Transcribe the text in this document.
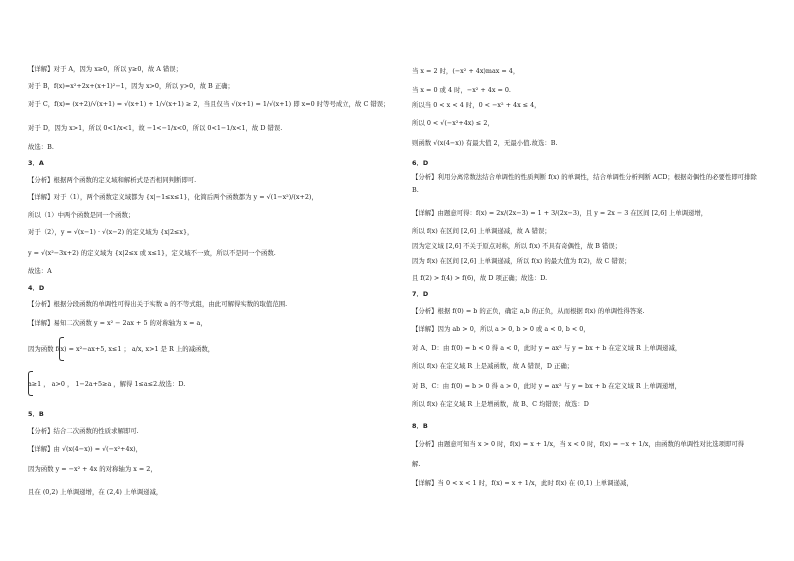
【详解】对于 A，因为 x≥0，所以 y≥0，故 A 错误；
对于 B，f(x)=x²+2x+(x+1)²−1，因为 x>0，所以 y>0，故 B 正确；
对于 C，f(x)= (x+2)/√(x+1) = √(x+1) + 1/√(x+1) ≥ 2，当且仅当 √(x+1) = 1/√(x+1) 即 x=0 时等号成立，故 C 错误；
对于 D，因为 x>1，所以 0<1/x<1，故 −1<−1/x<0，所以 0<1−1/x<1，故 D 错误.
故选：B.
3．A
【分析】根据两个函数的定义域和解析式是否相同判断即可.
【详解】对于（1），两个函数定义域都为 {x|−1≤x≤1}，化简后两个函数都为 y = √(1−x²)/(x+2)，
所以（1）中两个函数是同一个函数；
对于（2），y = √(x−1) · √(x−2) 的定义域为 {x|2≤x}，
y = √(x²−3x+2) 的定义域为 {x|2≤x 或 x≤1}，定义域不一致，所以不是同一个函数.
故选：A
4．D
【分析】根据分段函数的单调性可得出关于实数 a 的不等式组，由此可解得实数的取值范围.
【详解】易知二次函数 y = x² − 2ax + 5 的对称轴为 x = a，
因为函数 f(x) = x²−ax+5, x≤1 ； a/x, x>1 是 R 上的减函数，
a≥1 ， a>0 ， 1−2a+5≥a ，解得 1≤a≤2.故选：D.
5．B
【分析】结合二次函数的性质求解即可.
【详解】由 √(x(4−x)) = √(−x²+4x)，
因为函数 y = −x² + 4x 的对称轴为 x = 2，
且在 (0,2) 上单调递增，在 (2,4) 上单调递减，
当 x = 2 时，(−x² + 4x)max = 4，
当 x = 0 或 4 时，−x² + 4x = 0.
所以当 0 < x < 4 时，0 < −x² + 4x ≤ 4，
所以 0 < √(−x²+4x) ≤ 2，
则函数 √(x(4−x)) 有最大值 2，无最小值.故选：B.
6．D
【分析】利用分离常数法结合单调性的性质判断 f(x) 的单调性，结合单调性分析判断 ACD；根据奇偶性的必要性即可排除 B.
【详解】由题意可得：f(x) = 2x/(2x−3) = 1 + 3/(2x−3)，且 y = 2x − 3 在区间 [2,6] 上单调递增，
所以 f(x) 在区间 [2,6] 上单调递减，故 A 错误；
因为定义域 [2,6] 不关于原点对称，所以 f(x) 不具有奇偶性，故 B 错误；
因为 f(x) 在区间 [2,6] 上单调递减，所以 f(x) 的最大值为 f(2)，故 C 错误；
且 f(2) > f(4) > f(6)，故 D 项正确；故选：D.
7．D
【分析】根据 f(0) = b 的正负，确定 a,b 的正负，从而根据 f(x) 的单调性得答案.
【详解】因为 ab > 0，所以 a > 0, b > 0 或 a < 0, b < 0，
对 A、D：由 f(0) = b < 0 得 a < 0，此时 y = ax² 与 y = bx + b 在定义域 R 上单调递减，
所以 f(x) 在定义域 R 上是减函数，故 A 错误，D 正确；
对 B、C：由 f(0) = b > 0 得 a > 0，此时 y = ax² 与 y = bx + b 在定义域 R 上单调递增，
所以 f(x) 在定义域 R 上是增函数，故 B、C 均错误；故选：D
8．B
【分析】由题意可知当 x > 0 时，f(x) = x + 1/x，当 x < 0 时，f(x) = −x + 1/x，由函数的单调性对比选项即可得
解.
【详解】当 0 < x < 1 时，f(x) = x + 1/x，此时 f(x) 在 (0,1) 上单调递减，
